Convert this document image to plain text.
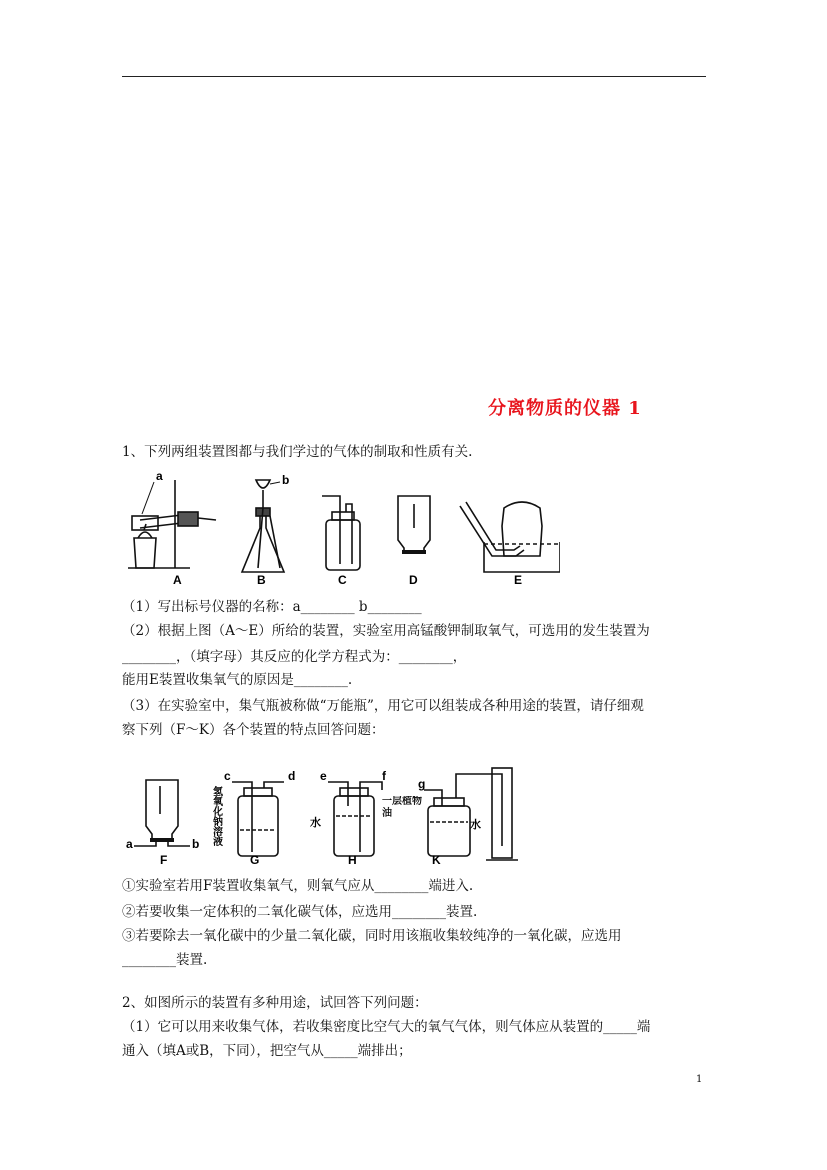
分离物质的仪器 1
1、下列两组装置图都与我们学过的气体的制取和性质有关.
a	b
A	B	C	D	E
（1）写出标号仪器的名称：a________ b________
（2）根据上图（A～E）所给的装置，实验室用高锰酸钾制取氧气，可选用的发生装置为
________，（填字母）其反应的化学方程式为：________，
能用E装置收集氧气的原因是________.
（3）在实验室中，集气瓶被称做“万能瓶”，用它可以组装成各种用途的装置，请仔细观
察下列（F～K）各个装置的特点回答问题：
a	b
c	d e	f
g
F	G	H	K
氢氧化钠溶液	水	水
一层植物油
①实验室若用F装置收集氧气，则氧气应从________端进入.
②若要收集一定体积的二氧化碳气体，应选用________装置.
③若要除去一氧化碳中的少量二氧化碳，同时用该瓶收集较纯净的一氧化碳，应选用
________装置.
2、如图所示的装置有多种用途，试回答下列问题：
（1）它可以用来收集气体，若收集密度比空气大的氧气气体，则气体应从装置的_____端
通入（填A或B，下同），把空气从_____端排出；
1
